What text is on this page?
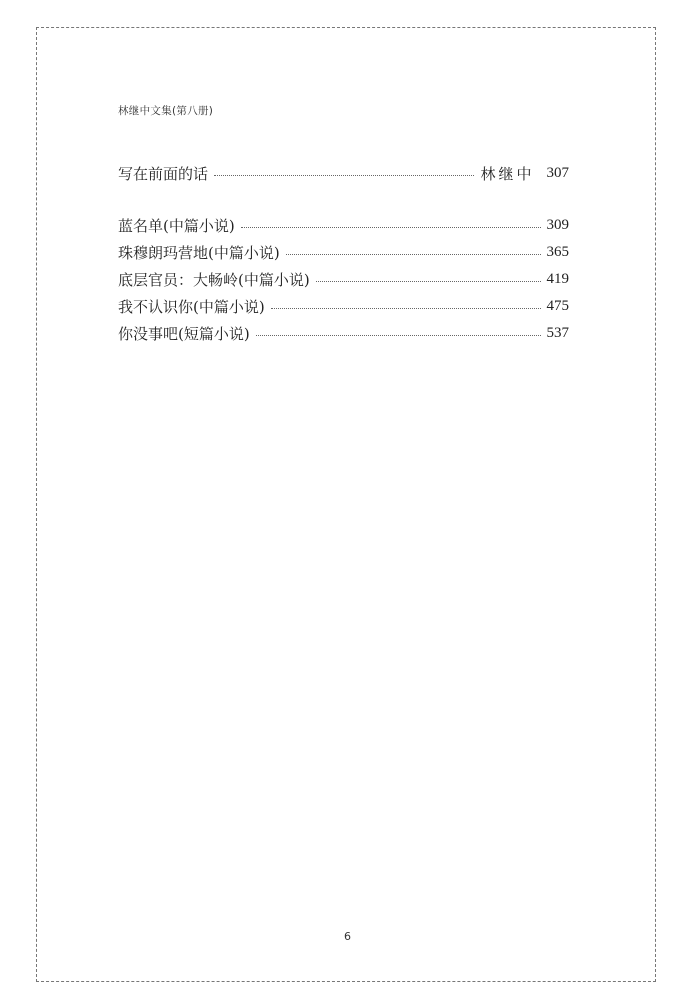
林继中文集(第八册)
写在前面的话	林继中 307
蓝名单(中篇小说)	309
珠穆朗玛营地(中篇小说)	365
底层官员：大畅岭(中篇小说)	419
我不认识你(中篇小说)	475
你没事吧(短篇小说)	537
6
